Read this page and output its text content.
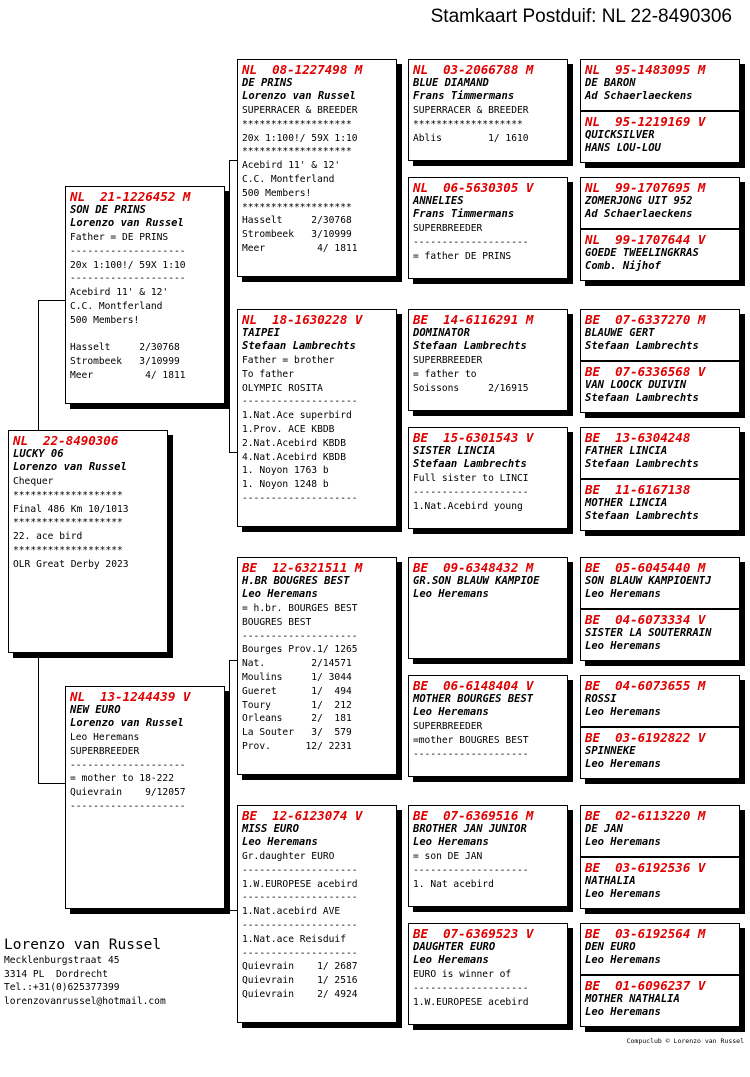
Stamkaart Postduif: NL 22-8490306
NL  22-8490306
LUCKY 06
Lorenzo van Russel
Chequer
*******************
Final 486 Km 10/1013
*******************
22. ace bird
*******************
OLR Great Derby 2023
NL  21-1226452 M
SON DE PRINS
Lorenzo van Russel
Father = DE PRINS
--------------------
20x 1:100!/ 59X 1:10
--------------------
Acebird 11' & 12'
C.C. Montferland
500 Members!

Hasselt     2/30768
Strombeek   3/10999
Meer         4/ 1811
NL  13-1244439 V
NEW EURO
Lorenzo van Russel
Leo Heremans
SUPERBREEDER
--------------------
= mother to 18-222
Quievrain    9/12057
--------------------
NL  08-1227498 M
DE PRINS
Lorenzo van Russel
SUPERRACER & BREEDER
*******************
20x 1:100!/ 59X 1:10
*******************
Acebird 11' & 12'
C.C. Montferland
500 Members!
*******************
Hasselt     2/30768
Strombeek   3/10999
Meer         4/ 1811
NL  18-1630228 V
TAIPEI
Stefaan Lambrechts
Father = brother
To father
OLYMPIC ROSITA
--------------------
1.Nat.Ace superbird
1.Prov. ACE KBDB
2.Nat.Acebird KBDB
4.Nat.Acebird KBDB
1. Noyon 1763 b
1. Noyon 1248 b
--------------------
BE  12-6321511 M
H.BR BOUGRES BEST
Leo Heremans
= h.br. BOURGES BEST
BOUGRES BEST
--------------------
Bourges Prov.1/ 1265
Nat.        2/14571
Moulins     1/ 3044
Gueret      1/  494
Toury       1/  212
Orleans     2/  181
La Souter   3/  579
Prov.      12/ 2231
BE  12-6123074 V
MISS EURO
Leo Heremans
Gr.daughter EURO
--------------------
1.W.EUROPESE acebird
--------------------
1.Nat.acebird AVE
--------------------
1.Nat.ace Reisduif
--------------------
Quievrain    1/ 2687
Quievrain    1/ 2516
Quievrain    2/ 4924
NL  03-2066788 M
BLUE DIAMAND
Frans Timmermans
SUPERRACER & BREEDER
*******************
Ablis        1/ 1610
NL  06-5630305 V
ANNELIES
Frans Timmermans
SUPERBREEDER
--------------------
= father DE PRINS
BE  14-6116291 M
DOMINATOR
Stefaan Lambrechts
SUPERBREEDER
= father to
Soissons     2/16915
BE  15-6301543 V
SISTER LINCIA
Stefaan Lambrechts
Full sister to LINCI
--------------------
1.Nat.Acebird young
BE  09-6348432 M
GR.SON BLAUW KAMPIOE
Leo Heremans
BE  06-6148404 V
MOTHER BOURGES BEST
Leo Heremans
SUPERBREEDER
=mother BOUGRES BEST
--------------------
BE  07-6369516 M
BROTHER JAN JUNIOR
Leo Heremans
= son DE JAN
--------------------
1. Nat acebird
BE  07-6369523 V
DAUGHTER EURO
Leo Heremans
EURO is winner of
--------------------
1.W.EUROPESE acebird
NL  95-1483095 M
DE BARON
Ad Schaerlaeckens
NL  95-1219169 V
QUICKSILVER
HANS LOU-LOU
NL  99-1707695 M
ZOMERJONG UIT 952
Ad Schaerlaeckens
NL  99-1707644 V
GOEDE TWEELINGKRAS
Comb. Nijhof
BE  07-6337270 M
BLAUWE GERT
Stefaan Lambrechts
BE  07-6336568 V
VAN LOOCK DUIVIN
Stefaan Lambrechts
BE  13-6304248
FATHER LINCIA
Stefaan Lambrechts
BE  11-6167138
MOTHER LINCIA
Stefaan Lambrechts
BE  05-6045440 M
SON BLAUW KAMPIOENTJ
Leo Heremans
BE  04-6073334 V
SISTER LA SOUTERRAIN
Leo Heremans
BE  04-6073655 M
ROSSI
Leo Heremans
BE  03-6192822 V
SPINNEKE
Leo Heremans
BE  02-6113220 M
DE JAN
Leo Heremans
BE  03-6192536 V
NATHALIA
Leo Heremans
BE  03-6192564 M
DEN EURO
Leo Heremans
BE  01-6096237 V
MOTHER NATHALIA
Leo Heremans
Lorenzo van Russel
Mecklenburgstraat 45
3314 PL  Dordrecht
Tel.:+31(0)625377399
lorenzovanrussel@hotmail.com
Compuclub © Lorenzo van Russel
